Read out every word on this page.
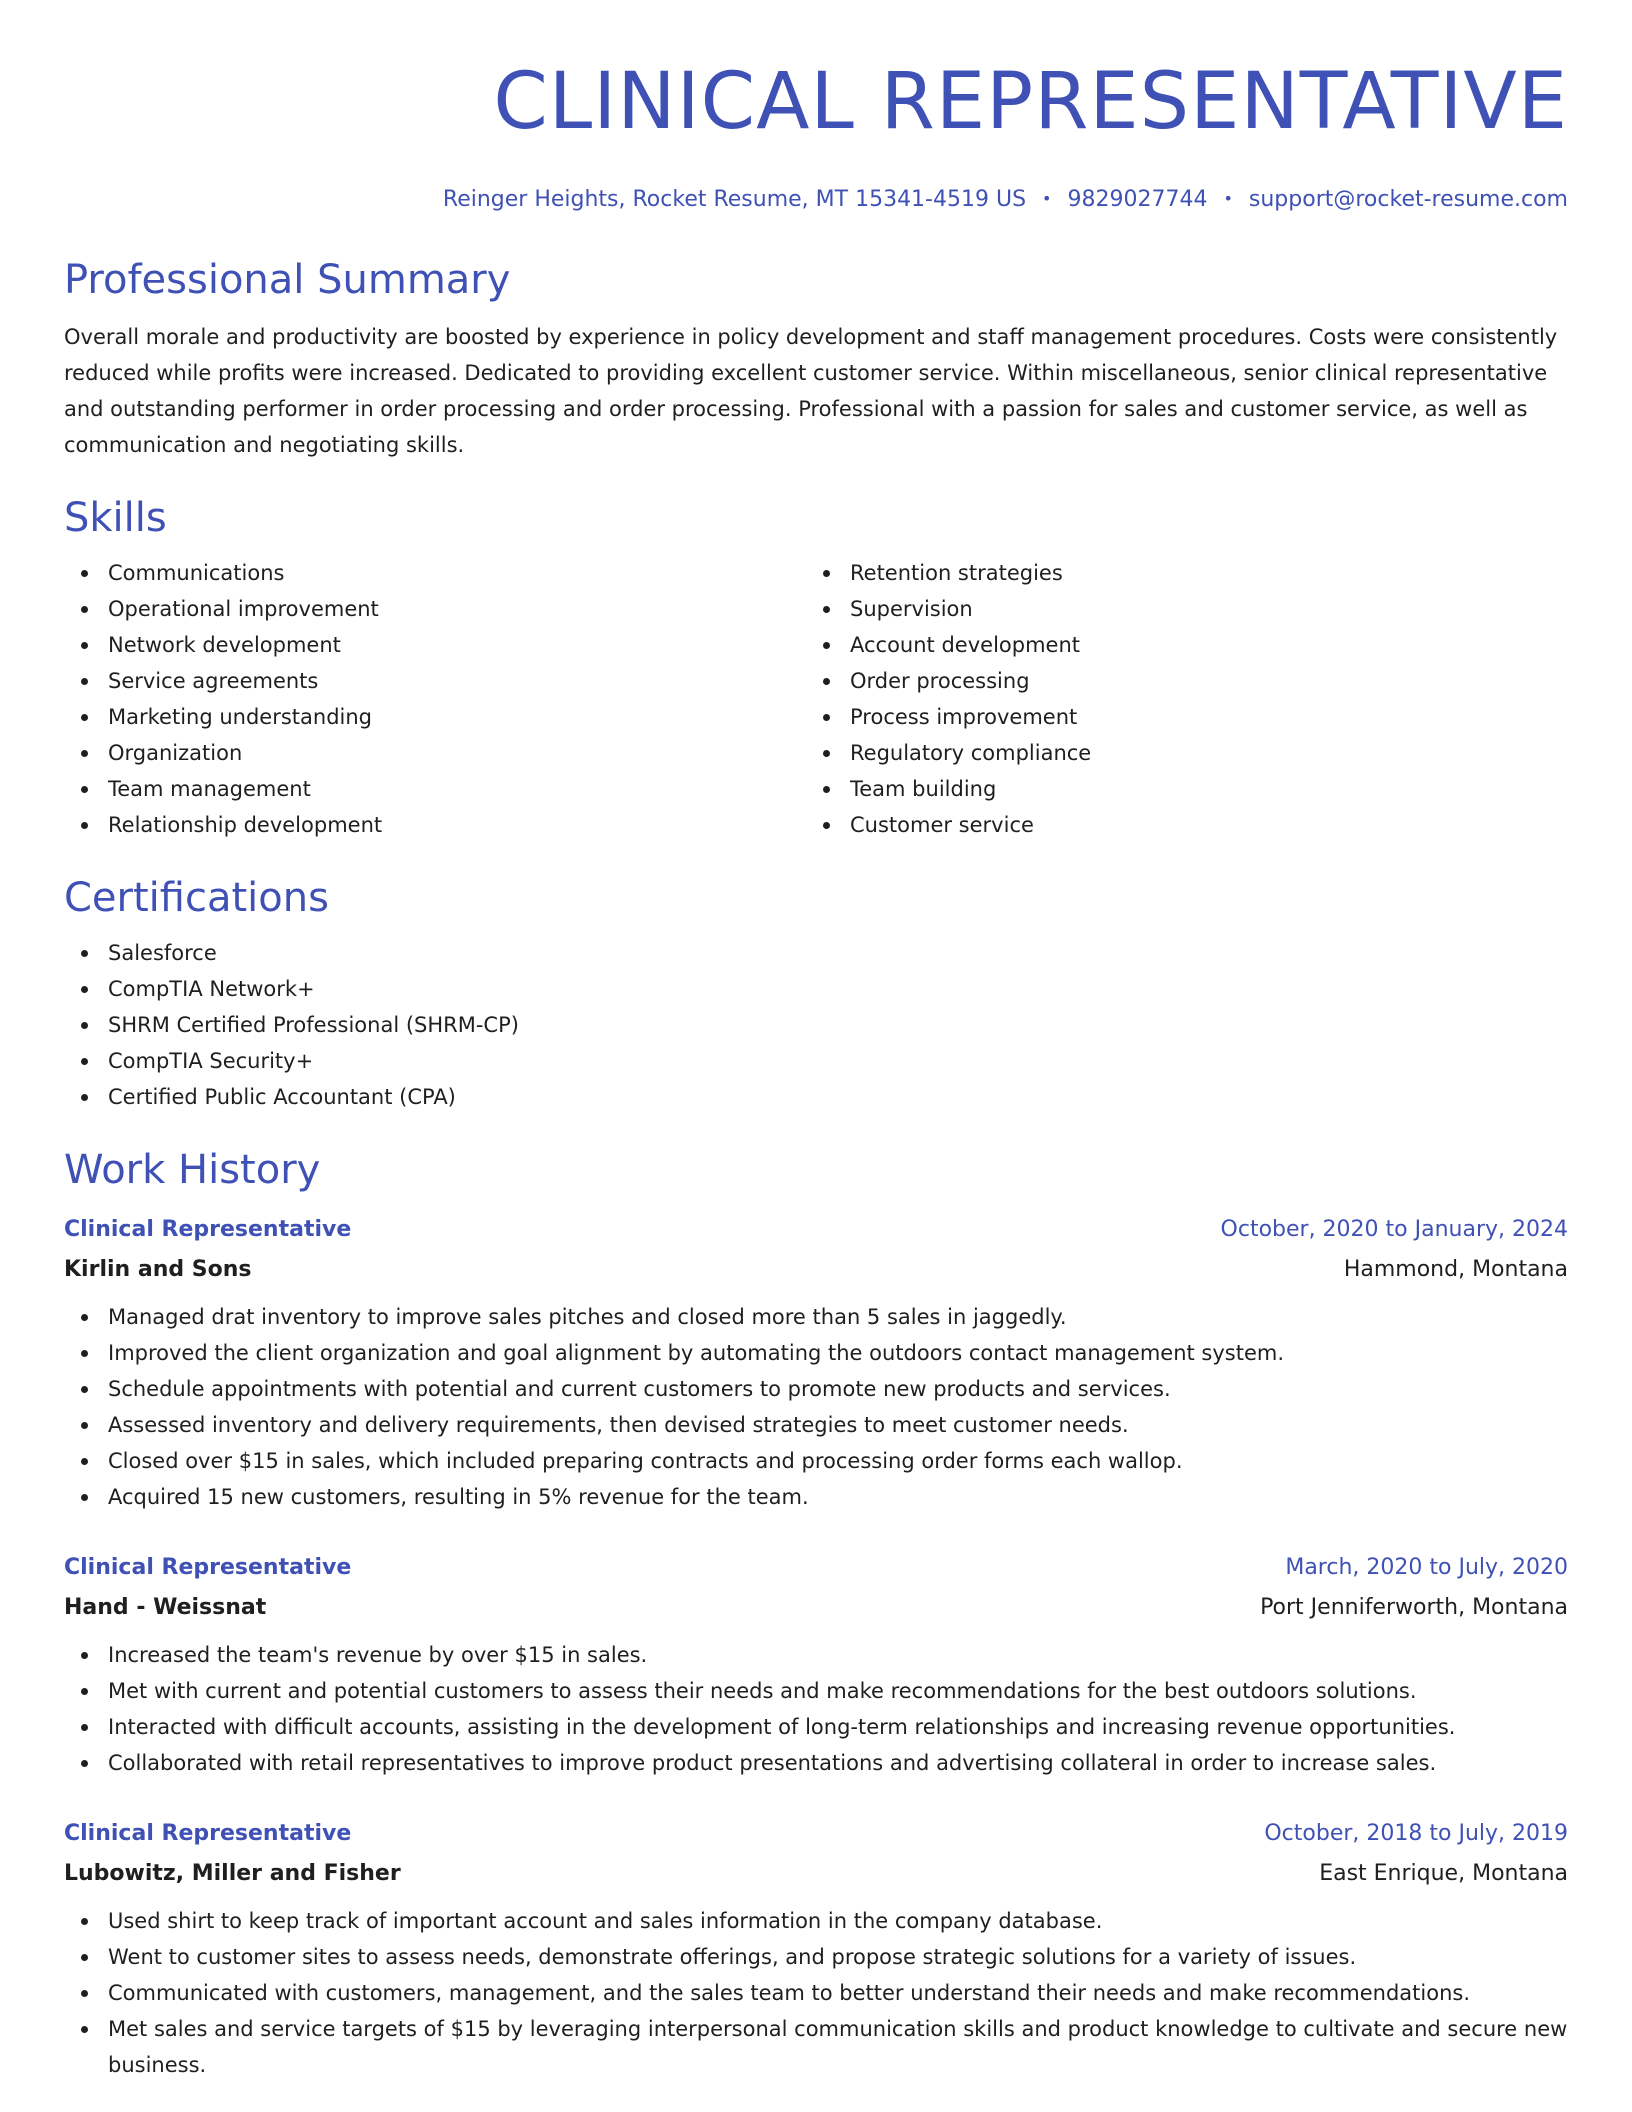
CLINICAL REPRESENTATIVE
Reinger Heights, Rocket Resume, MT 15341-4519 US • 9829027744 • support@rocket-resume.com
Professional Summary

Overall morale and productivity are boosted by experience in policy development and staff management procedures. Costs were consistently reduced while profits were increased. Dedicated to providing excellent customer service. Within miscellaneous, senior clinical representative and outstanding performer in order processing and order processing. Professional with a passion for sales and customer service, as well as communication and negotiating skills.

Skills
Communications
Operational improvement
Network development
Service agreements
Marketing understanding
Organization
Team management
Relationship development
Retention strategies
Supervision
Account development
Order processing
Process improvement
Regulatory compliance
Team building
Customer service
Certifications
Salesforce
CompTIA Network+
SHRM Certified Professional (SHRM-CP)
CompTIA Security+
Certified Public Accountant (CPA)
Work History
Clinical Representative	October, 2020 to January, 2024
Kirlin and Sons	Hammond, Montana
Managed drat inventory to improve sales pitches and closed more than 5 sales in jaggedly.
Improved the client organization and goal alignment by automating the outdoors contact management system.
Schedule appointments with potential and current customers to promote new products and services.
Assessed inventory and delivery requirements, then devised strategies to meet customer needs.
Closed over $15 in sales, which included preparing contracts and processing order forms each wallop.
Acquired 15 new customers, resulting in 5% revenue for the team.
Clinical Representative	March, 2020 to July, 2020
Hand - Weissnat	Port Jenniferworth, Montana
Increased the team's revenue by over $15 in sales.
Met with current and potential customers to assess their needs and make recommendations for the best outdoors solutions.
Interacted with difficult accounts, assisting in the development of long-term relationships and increasing revenue opportunities.
Collaborated with retail representatives to improve product presentations and advertising collateral in order to increase sales.
Clinical Representative	October, 2018 to July, 2019
Lubowitz, Miller and Fisher	East Enrique, Montana
Used shirt to keep track of important account and sales information in the company database.
Went to customer sites to assess needs, demonstrate offerings, and propose strategic solutions for a variety of issues.
Communicated with customers, management, and the sales team to better understand their needs and make recommendations.
Met sales and service targets of $15 by leveraging interpersonal communication skills and product knowledge to cultivate and secure new business.
